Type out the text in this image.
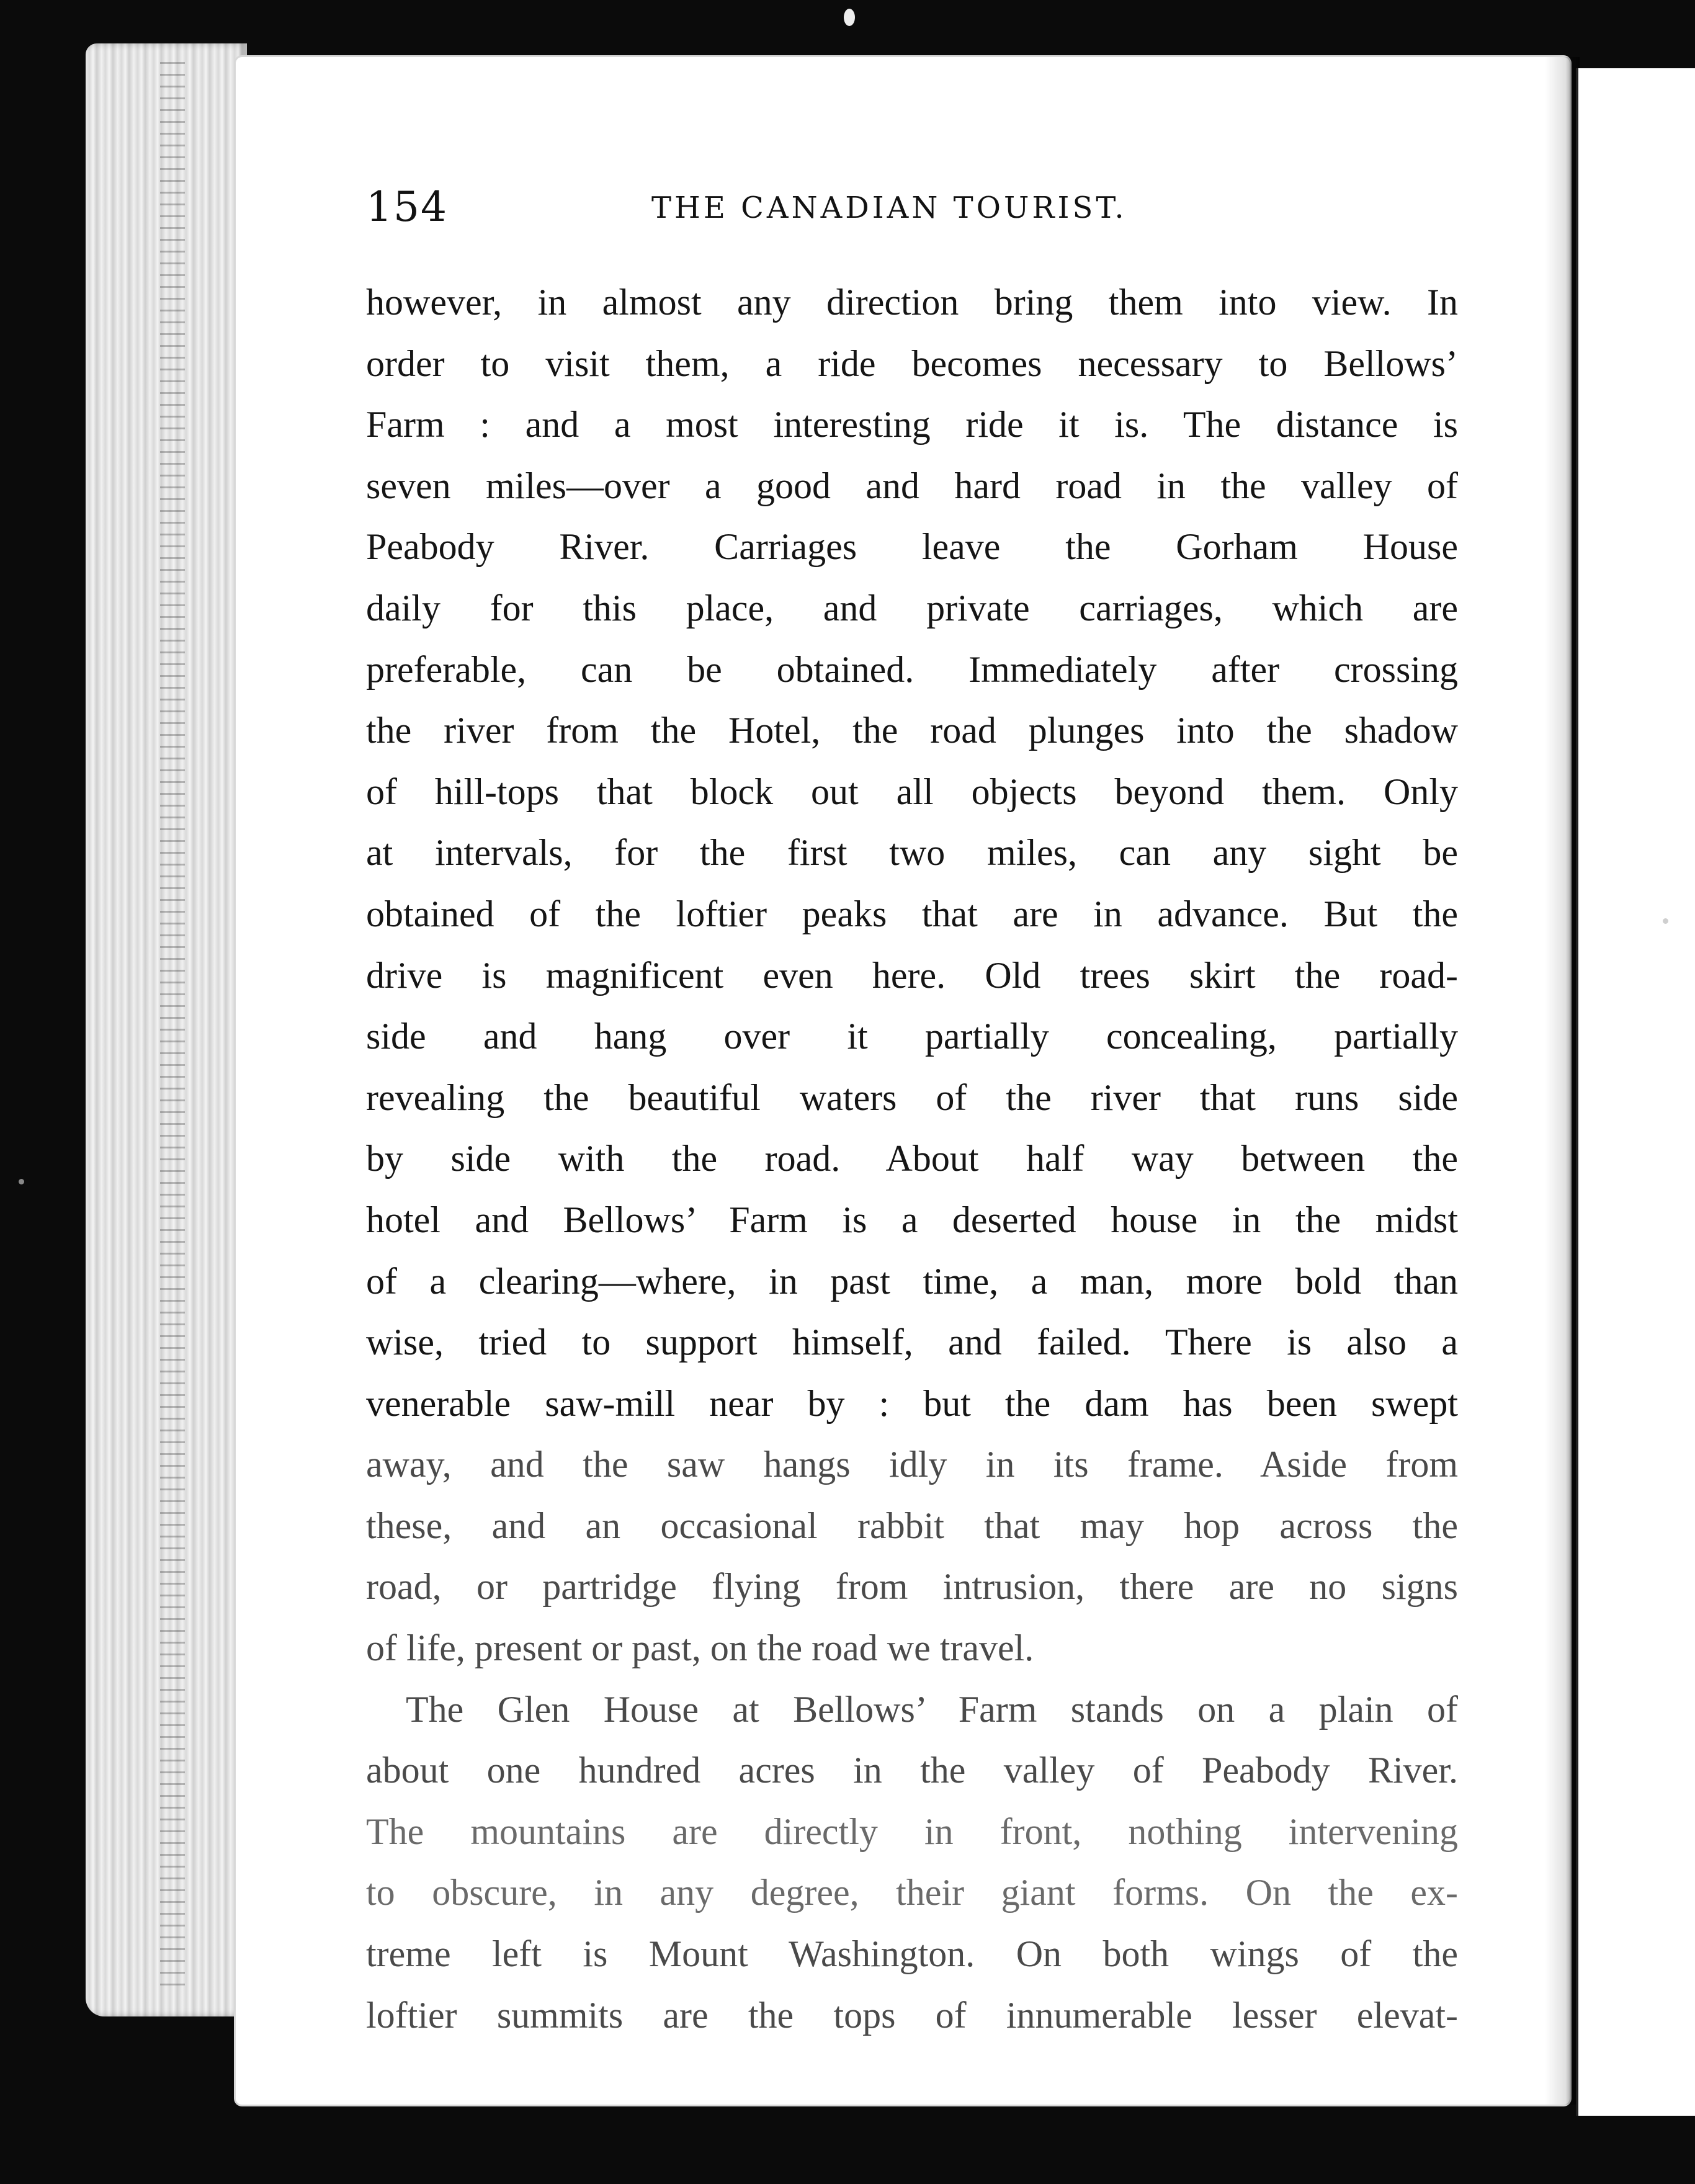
154	THE CANADIAN TOURIST.
however, in almost any direction bring them into view. In
order to visit them, a ride becomes necessary to Bellows’
Farm : and a most interesting ride it is. The distance is
seven miles—over a good and hard road in the valley of
Peabody River. Carriages leave the Gorham House
daily for this place, and private carriages, which are
preferable, can be obtained. Immediately after crossing
the river from the Hotel, the road plunges into the shadow
of hill-tops that block out all objects beyond them. Only
at intervals, for the first two miles, can any sight be
obtained of the loftier peaks that are in advance. But the
drive is magnificent even here. Old trees skirt the road-
side and hang over it partially concealing, partially
revealing the beautiful waters of the river that runs side
by side with the road. About half way between the
hotel and Bellows’ Farm is a deserted house in the midst
of a clearing—where, in past time, a man, more bold than
wise, tried to support himself, and failed. There is also a
venerable saw-mill near by : but the dam has been swept
away, and the saw hangs idly in its frame. Aside from
these, and an occasional rabbit that may hop across the
road, or partridge flying from intrusion, there are no signs
of life, present or past, on the road we travel.
The Glen House at Bellows’ Farm stands on a plain of
about one hundred acres in the valley of Peabody River.
The mountains are directly in front, nothing intervening
to obscure, in any degree, their giant forms. On the ex-
treme left is Mount Washington. On both wings of the
loftier summits are the tops of innumerable lesser elevat-
